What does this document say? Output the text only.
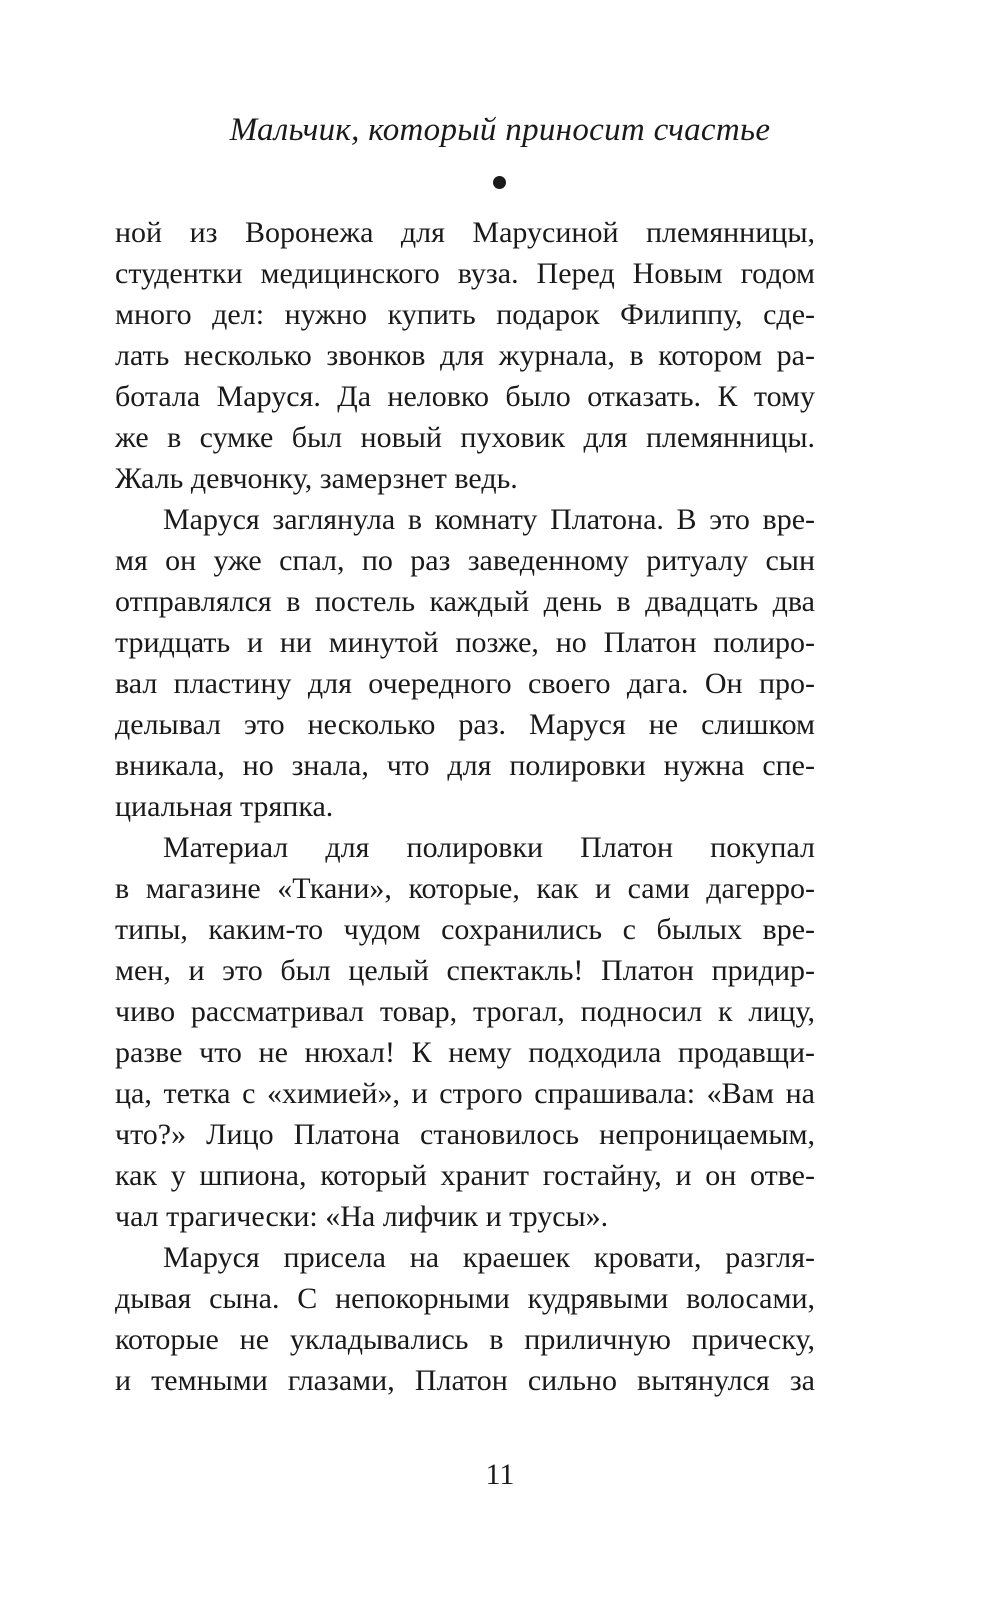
Мальчик, который приносит счастье
ной из Воронежа для Марусиной племянницы,
студентки медицинского вуза. Перед Новым годом
много дел: нужно купить подарок Филиппу, сде-
лать несколько звонков для журнала, в котором ра-
ботала Маруся. Да неловко было отказать. К тому
же в сумке был новый пуховик для племянницы.
Жаль девчонку, замерзнет ведь.
Маруся заглянула в комнату Платона. В это вре-
мя он уже спал, по раз заведенному ритуалу сын
отправлялся в постель каждый день в двадцать два
тридцать и ни минутой позже, но Платон полиро-
вал пластину для очередного своего дага. Он про-
делывал это несколько раз. Маруся не слишком
вникала, но знала, что для полировки нужна спе-
циальная тряпка.
Материал для полировки Платон покупал
в магазине «Ткани», которые, как и сами дагерро-
типы, каким-то чудом сохранились с былых вре-
мен, и это был целый спектакль! Платон придир-
чиво рассматривал товар, трогал, подносил к лицу,
разве что не нюхал! К нему подходила продавщи-
ца, тетка с «химией», и строго спрашивала: «Вам на
что?» Лицо Платона становилось непроницаемым,
как у шпиона, который хранит гостайну, и он отве-
чал трагически: «На лифчик и трусы».
Маруся присела на краешек кровати, разгля-
дывая сына. С непокорными кудрявыми волосами,
которые не укладывались в приличную прическу,
и темными глазами, Платон сильно вытянулся за
11
